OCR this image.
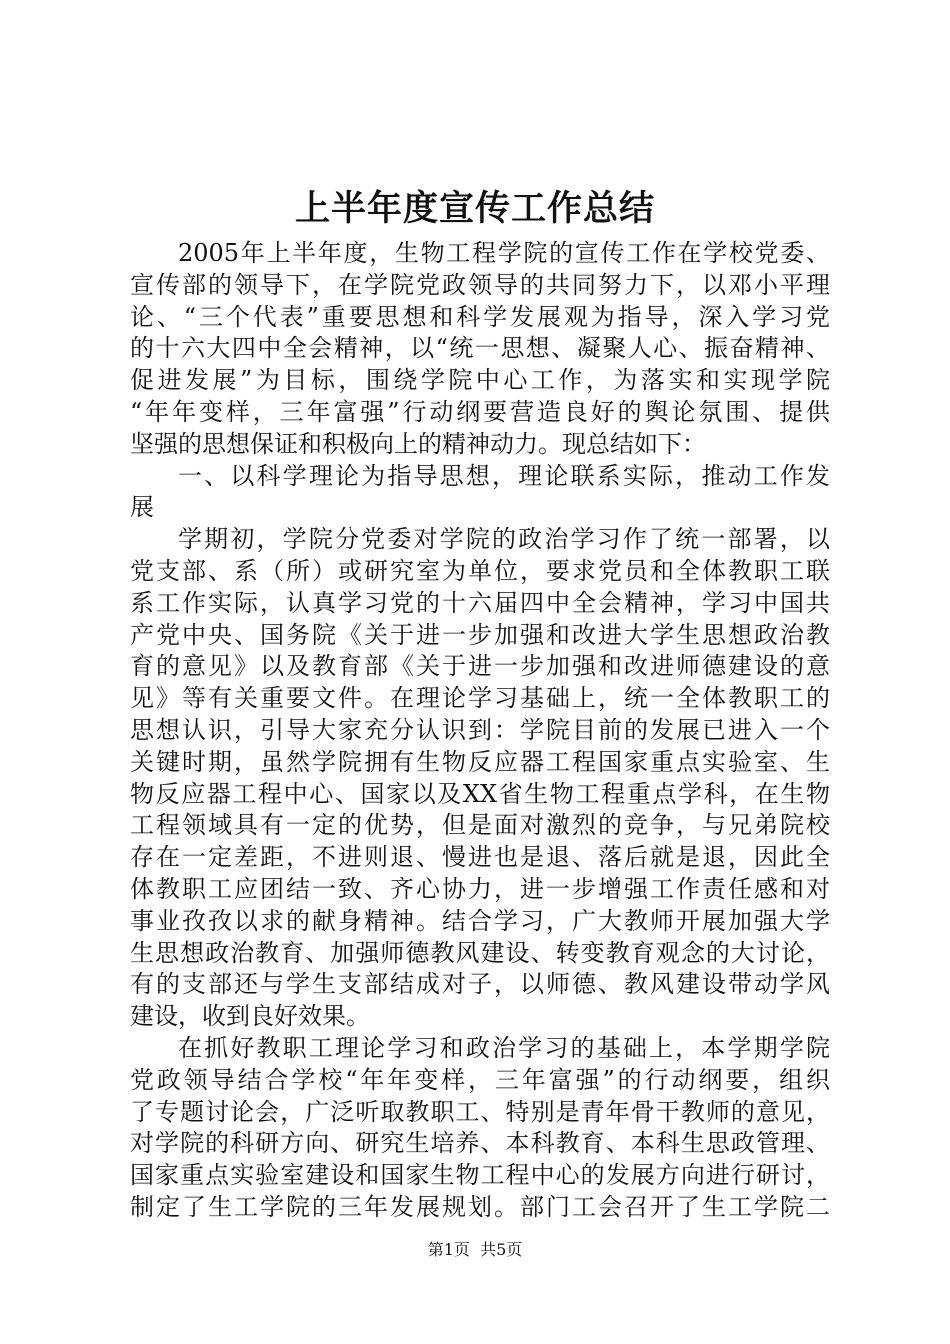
上半年度宣传工作总结
2005年上半年度，生物工程学院的宣传工作在学校党委、
宣传部的领导下，在学院党政领导的共同努力下，以邓小平理
论、“三个代表”重要思想和科学发展观为指导，深入学习党
的十六大四中全会精神，以“统一思想、凝聚人心、振奋精神、
促进发展”为目标，围绕学院中心工作，为落实和实现学院
“年年变样，三年富强”行动纲要营造良好的舆论氛围、提供
坚强的思想保证和积极向上的精神动力。现总结如下：
一、以科学理论为指导思想，理论联系实际，推动工作发
展
学期初，学院分党委对学院的政治学习作了统一部署，以
党支部、系（所）或研究室为单位，要求党员和全体教职工联
系工作实际，认真学习党的十六届四中全会精神，学习中国共
产党中央、国务院《关于进一步加强和改进大学生思想政治教
育的意见》以及教育部《关于进一步加强和改进师德建设的意
见》等有关重要文件。在理论学习基础上，统一全体教职工的
思想认识，引导大家充分认识到：学院目前的发展已进入一个
关键时期，虽然学院拥有生物反应器工程国家重点实验室、生
物反应器工程中心、国家以及XX省生物工程重点学科，在生物
工程领域具有一定的优势，但是面对激烈的竞争，与兄弟院校
存在一定差距，不进则退、慢进也是退、落后就是退，因此全
体教职工应团结一致、齐心协力，进一步增强工作责任感和对
事业孜孜以求的献身精神。结合学习，广大教师开展加强大学
生思想政治教育、加强师德教风建设、转变教育观念的大讨论，
有的支部还与学生支部结成对子，以师德、教风建设带动学风
建设，收到良好效果。
在抓好教职工理论学习和政治学习的基础上，本学期学院
党政领导结合学校“年年变样，三年富强”的行动纲要，组织
了专题讨论会，广泛听取教职工、特别是青年骨干教师的意见，
对学院的科研方向、研究生培养、本科教育、本科生思政管理、
国家重点实验室建设和国家生物工程中心的发展方向进行研讨，
制定了生工学院的三年发展规划。部门工会召开了生工学院二
第1页 共5页
